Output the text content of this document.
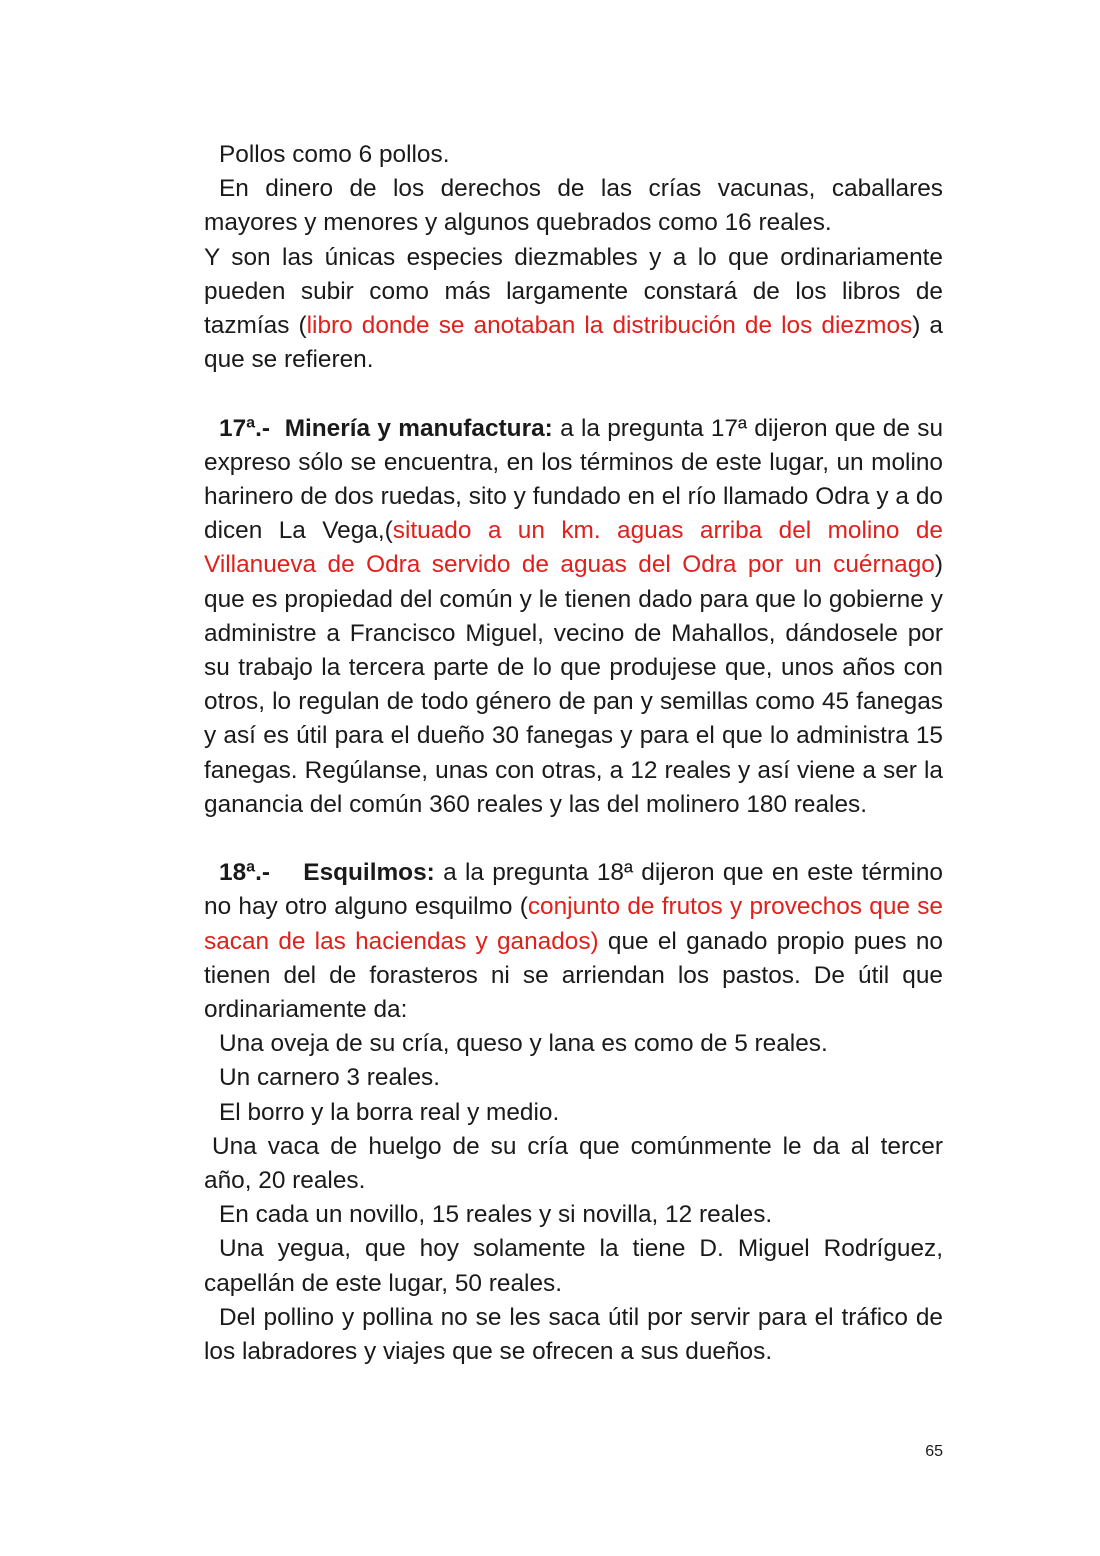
Pollos como 6 pollos.

En dinero de los derechos de las crías vacunas, caballares mayores y menores y algunos quebrados como 16 reales.

Y son las únicas especies diezmables y a lo que ordinariamente pueden subir como más largamente constará de los libros de tazmías (libro donde se anotaban la distribución de los diezmos) a que se refieren.

17ª.- Minería y manufactura: a la pregunta 17ª dijeron que de su expreso sólo se encuentra, en los términos de este lugar, un molino harinero de dos ruedas, sito y fundado en el río llamado Odra y a do dicen La Vega,(situado a un km. aguas arriba del molino de Villanueva de Odra servido de aguas del Odra por un cuérnago) que es propiedad del común y le tienen dado para que lo gobierne y administre a Francisco Miguel, vecino de Mahallos, dándosele por su trabajo la tercera parte de lo que produjese que, unos años con otros, lo regulan de todo género de pan y semillas como 45 fanegas y así es útil para el dueño 30 fanegas y para el que lo administra 15 fanegas. Regúlanse, unas con otras, a 12 reales y así viene a ser la ganancia del común 360 reales y las del molinero 180 reales.

18ª.- Esquilmos: a la pregunta 18ª dijeron que en este término no hay otro alguno esquilmo (conjunto de frutos y provechos que se sacan de las haciendas y ganados) que el ganado propio pues no tienen del de forasteros ni se arriendan los pastos. De útil que ordinariamente da:

Una oveja de su cría, queso y lana es como de 5 reales.

Un carnero 3 reales.

El borro y la borra real y medio.

Una vaca de huelgo de su cría que comúnmente le da al tercer año, 20 reales.

En cada un novillo, 15 reales y si novilla, 12 reales.

Una yegua, que hoy solamente la tiene D. Miguel Rodríguez, capellán de este lugar, 50 reales.

Del pollino y pollina no se les saca útil por servir para el tráfico de los labradores y viajes que se ofrecen a sus dueños.

65
